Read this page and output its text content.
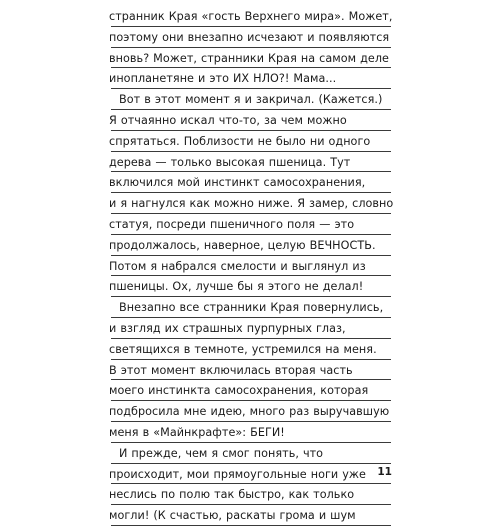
странник Края «гость Верхнего мира». Может,
поэтому они внезапно исчезают и появляются
вновь? Может, странники Края на самом деле
инопланетяне и это ИХ НЛО?! Мама...
Вот в этот момент я и закричал. (Кажется.)
Я отчаянно искал что-то, за чем можно
спрятаться. Поблизости не было ни одного
дерева — только высокая пшеница. Тут
включился мой инстинкт самосохранения,
и я нагнулся как можно ниже. Я замер, словно
статуя, посреди пшеничного поля — это
продолжалось, наверное, целую ВЕЧНОСТЬ.
Потом я набрался смелости и выглянул из
пшеницы. Ох, лучше бы я этого не делал!
Внезапно все странники Края повернулись,
и взгляд их страшных пурпурных глаз,
светящихся в темноте, устремился на меня.
В этот момент включилась вторая часть
моего инстинкта самосохранения, которая
подбросила мне идею, много раз выручавшую
меня в «Майнкрафте»: БЕГИ!
И прежде, чем я смог понять, что
происходит, мои прямоугольные ноги уже
неслись по полю так быстро, как только
могли! (К счастью, раскаты грома и шум
11
